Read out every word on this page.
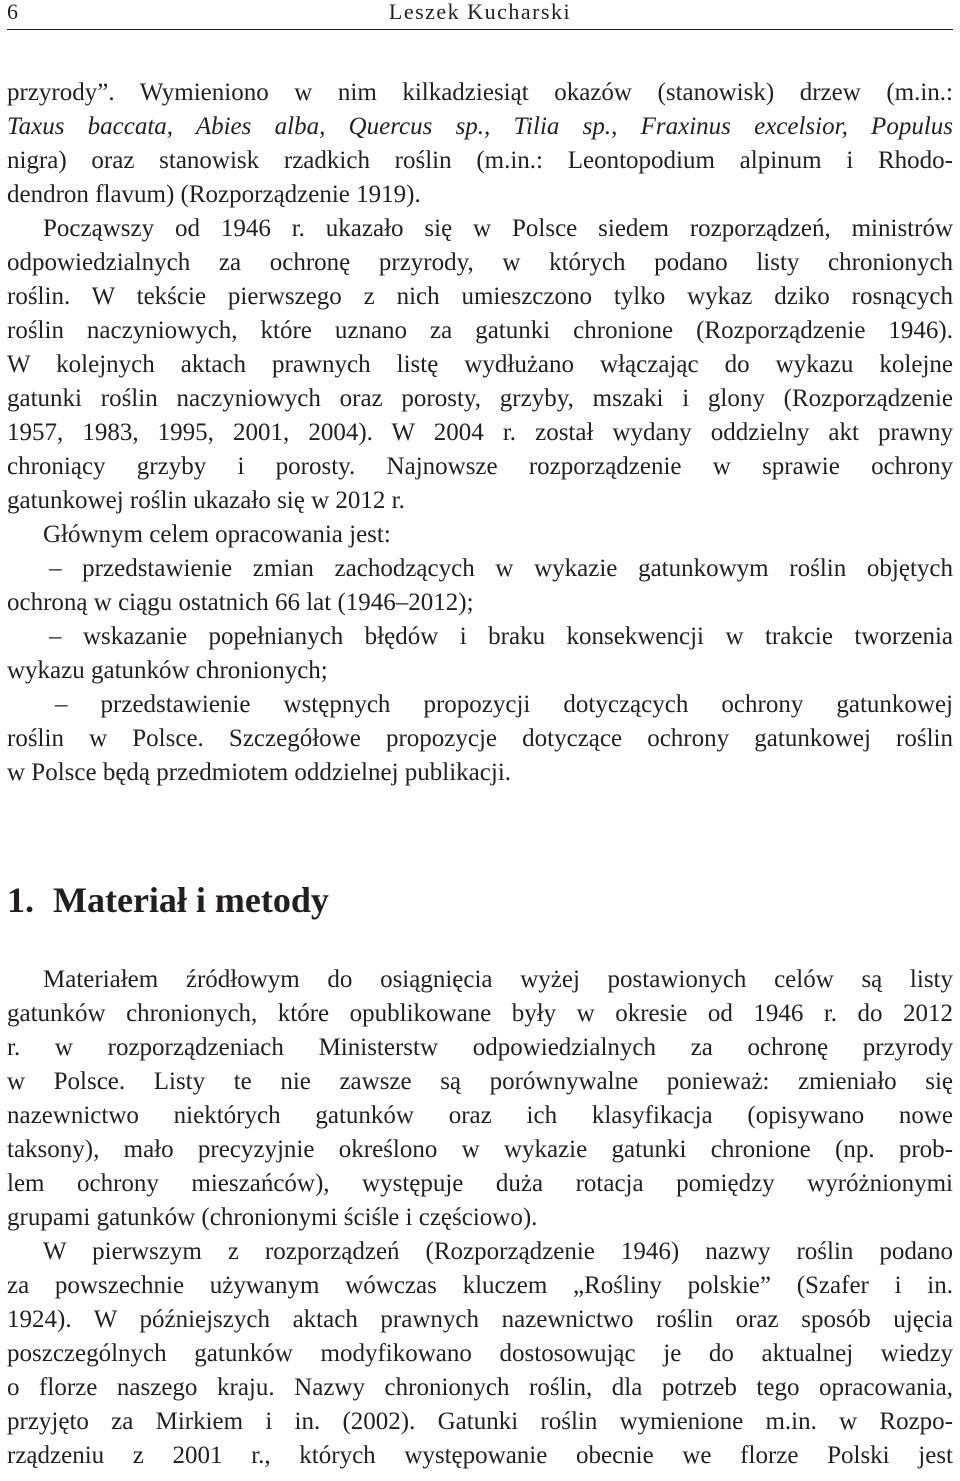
6	Leszek Kucharski
przyrody”. Wymieniono w nim kilkadziesiąt okazów (stanowisk) drzew (m.in.:
Taxus baccata, Abies alba, Quercus sp., Tilia sp., Fraxinus excelsior, Populus
nigra) oraz stanowisk rzadkich roślin (m.in.: Leontopodium alpinum i Rhodo-
dendron flavum) (Rozporządzenie 1919).
Począwszy od 1946 r. ukazało się w Polsce siedem rozporządzeń, ministrów
odpowiedzialnych za ochronę przyrody, w których podano listy chronionych
roślin. W tekście pierwszego z nich umieszczono tylko wykaz dziko rosnących
roślin naczyniowych, które uznano za gatunki chronione (Rozporządzenie 1946).
W kolejnych aktach prawnych listę wydłużano włączając do wykazu kolejne
gatunki roślin naczyniowych oraz porosty, grzyby, mszaki i glony (Rozporządzenie
1957, 1983, 1995, 2001, 2004). W 2004 r. został wydany oddzielny akt prawny
chroniący grzyby i porosty. Najnowsze rozporządzenie w sprawie ochrony
gatunkowej roślin ukazało się w 2012 r.
Głównym celem opracowania jest:
– przedstawienie zmian zachodzących w wykazie gatunkowym roślin objętych
ochroną w ciągu ostatnich 66 lat (1946–2012);
– wskazanie popełnianych błędów i braku konsekwencji w trakcie tworzenia
wykazu gatunków chronionych;
– przedstawienie wstępnych propozycji dotyczących ochrony gatunkowej
roślin w Polsce. Szczegółowe propozycje dotyczące ochrony gatunkowej roślin
w Polsce będą przedmiotem oddzielnej publikacji.
1. Materiał i metody
Materiałem źródłowym do osiągnięcia wyżej postawionych celów są listy
gatunków chronionych, które opublikowane były w okresie od 1946 r. do 2012
r. w rozporządzeniach Ministerstw odpowiedzialnych za ochronę przyrody
w Polsce. Listy te nie zawsze są porównywalne ponieważ: zmieniało się
nazewnictwo niektórych gatunków oraz ich klasyfikacja (opisywano nowe
taksony), mało precyzyjnie określono w wykazie gatunki chronione (np. prob-
lem ochrony mieszańców), występuje duża rotacja pomiędzy wyróżnionymi
grupami gatunków (chronionymi ściśle i częściowo).
W pierwszym z rozporządzeń (Rozporządzenie 1946) nazwy roślin podano
za powszechnie używanym wówczas kluczem „Rośliny polskie” (Szafer i in.
1924). W późniejszych aktach prawnych nazewnictwo roślin oraz sposób ujęcia
poszczególnych gatunków modyfikowano dostosowując je do aktualnej wiedzy
o florze naszego kraju. Nazwy chronionych roślin, dla potrzeb tego opracowania,
przyjęto za Mirkiem i in. (2002). Gatunki roślin wymienione m.in. w Rozpo-
rządzeniu z 2001 r., których występowanie obecnie we florze Polski jest
